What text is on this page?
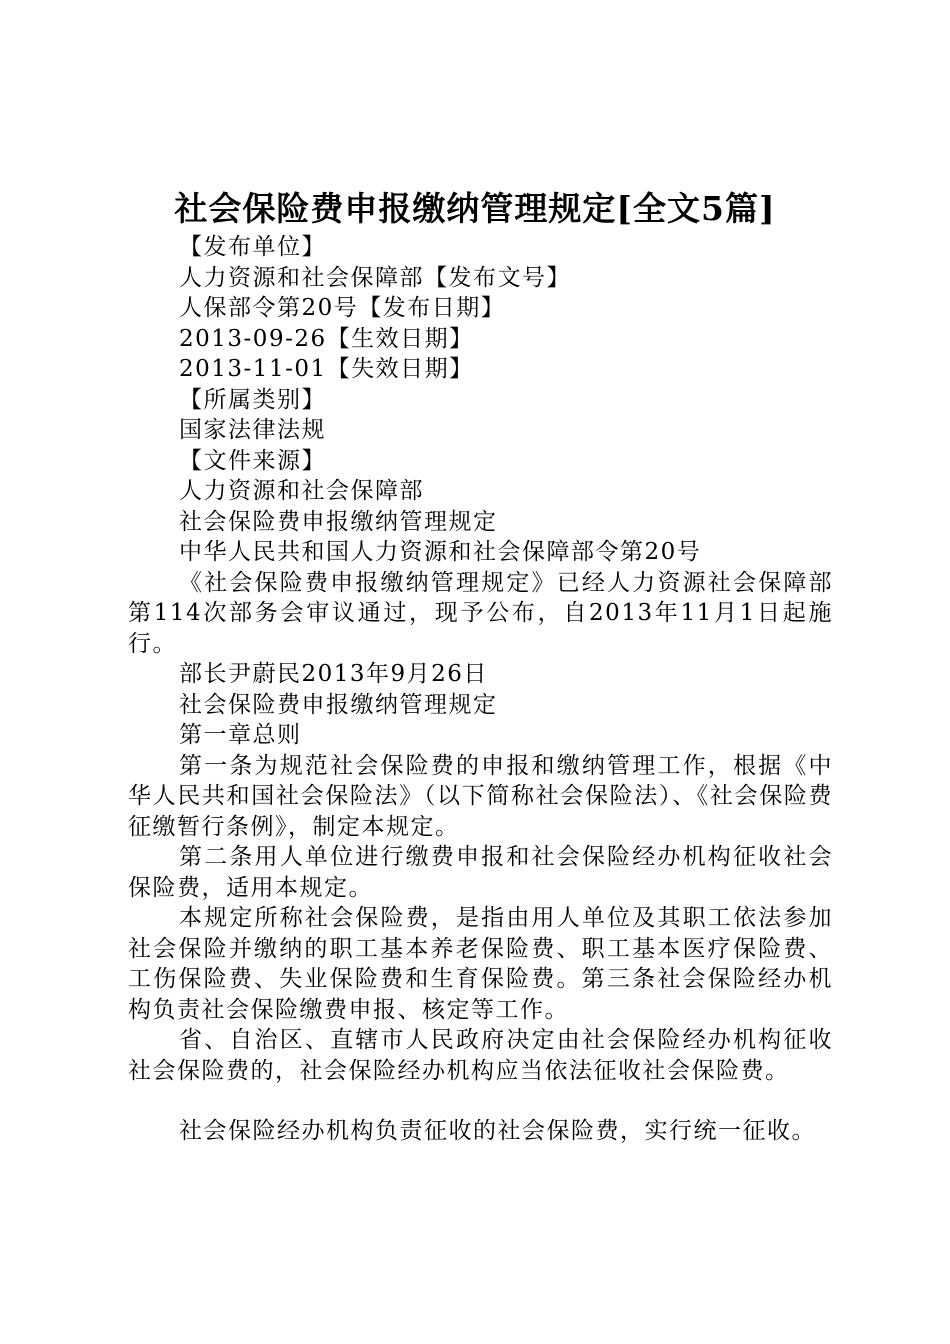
社会保险费申报缴纳管理规定[全文5篇]

【发布单位】

人力资源和社会保障部【发布文号】

人保部令第20号【发布日期】

2013-09-26【生效日期】

2013-11-01【失效日期】

【所属类别】

国家法律法规

【文件来源】

人力资源和社会保障部

社会保险费申报缴纳管理规定

中华人民共和国人力资源和社会保障部令第20号

《社会保险费申报缴纳管理规定》已经人力资源社会保障部第114次部务会审议通过，现予公布，自2013年11月1日起施行。

部长尹蔚民2013年9月26日

社会保险费申报缴纳管理规定

第一章总则

第一条为规范社会保险费的申报和缴纳管理工作，根据《中华人民共和国社会保险法》（以下简称社会保险法）、《社会保险费征缴暂行条例》，制定本规定。

第二条用人单位进行缴费申报和社会保险经办机构征收社会保险费，适用本规定。

本规定所称社会保险费，是指由用人单位及其职工依法参加社会保险并缴纳的职工基本养老保险费、职工基本医疗保险费、工伤保险费、失业保险费和生育保险费。第三条社会保险经办机构负责社会保险缴费申报、核定等工作。

省、自治区、直辖市人民政府决定由社会保险经办机构征收社会保险费的，社会保险经办机构应当依法征收社会保险费。

社会保险经办机构负责征收的社会保险费，实行统一征收。
